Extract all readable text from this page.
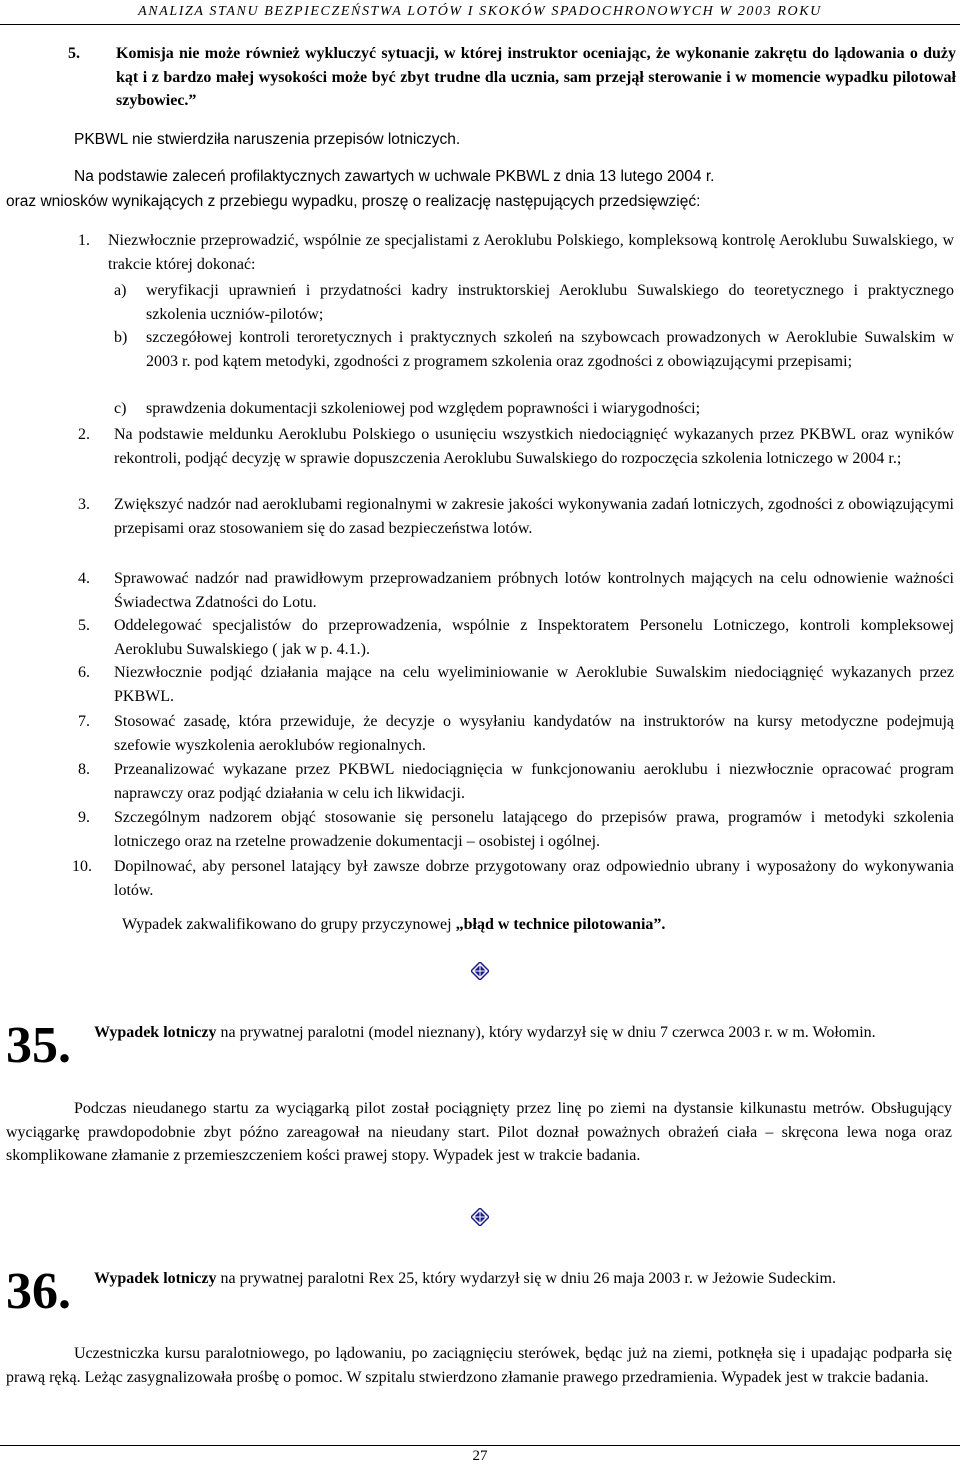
ANALIZA STANU BEZPIECZEŃSTWA LOTÓW I SKOKÓW SPADOCHRONOWYCH W 2003 ROKU
5. Komisja nie może również wykluczyć sytuacji, w której instruktor oceniając, że wykonanie zakrętu do lądowania o duży kąt i z bardzo małej wysokości może być zbyt trudne dla ucznia, sam przejął sterowanie i w momencie wypadku pilotował szybowiec.”
PKBWL nie stwierdziła naruszenia przepisów lotniczych.
Na podstawie zaleceń profilaktycznych zawartych w uchwale PKBWL z dnia 13 lutego 2004 r.
oraz wniosków wynikających z przebiegu wypadku, proszę o realizację następujących przedsięwzięć:
1. Niezwłocznie przeprowadzić, wspólnie ze specjalistami z Aeroklubu Polskiego, kompleksową kontrolę Aeroklubu Suwalskiego, w trakcie której dokonać:
a) weryfikacji uprawnień i przydatności kadry instruktorskiej Aeroklubu Suwalskiego do teoretycznego i praktycznego szkolenia uczniów-pilotów;
b) szczegółowej kontroli teroretycznych i praktycznych szkoleń na szybowcach prowadzonych w Aeroklubie Suwalskim w 2003 r. pod kątem metodyki, zgodności z programem szkolenia oraz zgodności z obowiązującymi przepisami;
c) sprawdzenia dokumentacji szkoleniowej pod względem poprawności i wiarygodności;
2. Na podstawie meldunku Aeroklubu Polskiego o usunięciu wszystkich niedociągnięć wykazanych przez PKBWL oraz wyników rekontroli, podjąć decyzję w sprawie dopuszczenia Aeroklubu Suwalskiego do rozpoczęcia szkolenia lotniczego w 2004 r.;
3. Zwiększyć nadzór nad aeroklubami regionalnymi w zakresie jakości wykonywania zadań lotniczych, zgodności z obowiązującymi przepisami oraz stosowaniem się do zasad bezpieczeństwa lotów.
4. Sprawować nadzór nad prawidłowym przeprowadzaniem próbnych lotów kontrolnych mających na celu odnowienie ważności Świadectwa Zdatności do Lotu.
5. Oddelegować specjalistów do przeprowadzenia, wspólnie z Inspektoratem Personelu Lotniczego, kontroli kompleksowej Aeroklubu Suwalskiego ( jak w p. 4.1.).
6. Niezwłocznie podjąć działania mające na celu wyeliminiowanie w Aeroklubie Suwalskim niedociągnięć wykazanych przez PKBWL.
7. Stosować zasadę, która przewiduje, że decyzje o wysyłaniu kandydatów na instruktorów na kursy metodyczne podejmują szefowie wyszkolenia aeroklubów regionalnych.
8. Przeanalizować wykazane przez PKBWL niedociągnięcia w funkcjonowaniu aeroklubu i niezwłocznie opracować program naprawczy oraz podjąć działania w celu ich likwidacji.
9. Szczególnym nadzorem objąć stosowanie się personelu latającego do przepisów prawa, programów i metodyki szkolenia lotniczego oraz na rzetelne prowadzenie dokumentacji – osobistej i ogólnej.
10. Dopilnować, aby personel latający był zawsze dobrze przygotowany oraz odpowiednio ubrany i wyposażony do wykonywania lotów.
Wypadek zakwalifikowano do grupy przyczynowej „błąd w technice pilotowania”.
35. Wypadek lotniczy na prywatnej paralotni (model nieznany), który wydarzył się w dniu 7 czerwca 2003 r. w m. Wołomin.
Podczas nieudanego startu za wyciągarką pilot został pociągnięty przez linę po ziemi na dystansie kilkunastu metrów. Obsługujący wyciągarkę prawdopodobnie zbyt późno zareagował na nieudany start. Pilot doznał poważnych obrażeń ciała – skręcona lewa noga oraz skomplikowane złamanie z przemieszczeniem kości prawej stopy. Wypadek jest w trakcie badania.
36. Wypadek lotniczy na prywatnej paralotni Rex 25, który wydarzył się w dniu 26 maja 2003 r. w Jeżowie Sudeckim.
Uczestniczka kursu paralotniowego, po lądowaniu, po zaciągnięciu sterówek, będąc już na ziemi, potknęła się i upadając podparła się prawą ręką. Leżąc zasygnalizowała prośbę o pomoc. W szpitalu stwierdzono złamanie prawego przedramienia. Wypadek jest w trakcie badania.
27
